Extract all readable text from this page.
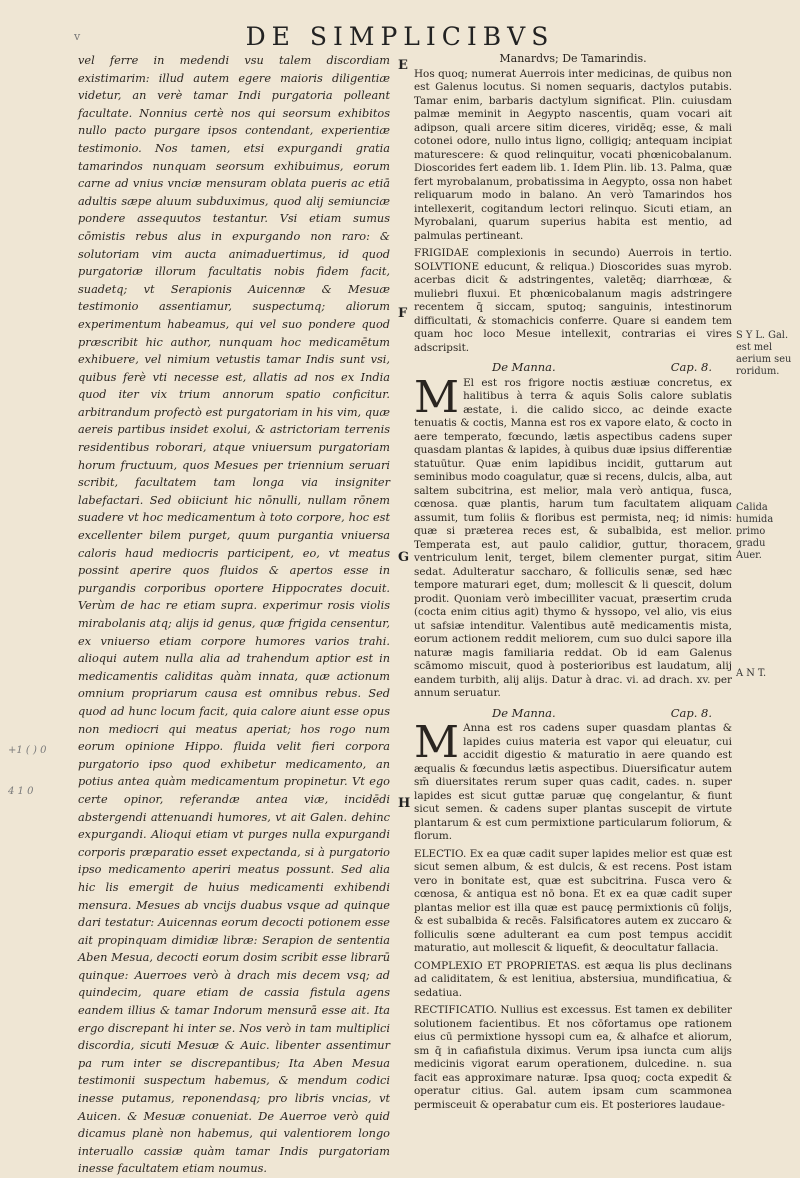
v	DE SIMPLICIBVS
vel ferre in medendi vsu talem discordiam existimarim: illud autem egere maioris diligentiæ videtur, an verè tamar Indi purgatoria polleant facultate. Nonnius certè nos qui seorsum exhibitos nullo pacto purgare ipsos contendant, experientiæ testimonio. Nos tamen, etsi expurgandi gratia tamarindos nunquam seorsum exhibuimus, eorum carne ad vnius vnciæ mensuram oblata pueris ac etiā adultis sæpe aluum subduximus, quod alij semiunciæ pondere assequutos testantur. Vsi etiam sumus cōmistis rebus alus in expurgando non raro: & solutoriam vim aucta animaduertimus, id quod purgatoriæ illorum facultatis nobis fidem facit, suadetq; vt Serapionis Auicennæ & Mesuæ testimonio assentiamur, suspectumq; aliorum experimentum habeamus, qui vel suo pondere quod præscribit hic author, nunquam hoc medicamētum exhibuere, vel nimium vetustis tamar Indis sunt vsi, quibus ferè vti necesse est, allatis ad nos ex India quod iter vix trium annorum spatio conficitur. arbitrandum profectò est purgatoriam in his vim, quæ aereis partibus insidet exolui, & astrictoriam terrenis residentibus roborari, atque vniuersum purgatoriam horum fructuum, quos Mesues per triennium seruari scribit, facultatem tam longa via insigniter labefactari. Sed obiiciunt hic nōnulli, nullam rōnem suadere vt hoc medicamentum à toto corpore, hoc est excellenter bilem purget, quum purgantia vniuersa caloris haud mediocris participent, eo, vt meatus possint aperire quos fluidos & apertos esse in purgandis corporibus oportere Hippocrates docuit. Verùm de hac re etiam supra. experimur rosis violis mirabolanis atq; alijs id genus, quæ frigida censentur, ex vniuerso etiam corpore humores varios trahi. alioqui autem nulla alia ad trahendum aptior est in medicamentis caliditas quàm innata, quæ actionum omnium propriarum causa est omnibus rebus. Sed quod ad hunc locum facit, quia calore aiunt esse opus non mediocri qui meatus aperiat; hos rogo num eorum opinione Hippo. fluida velit fieri corpora purgatorio ipso quod exhibetur medicamento, an potius antea quàm medicamentum propinetur. Vt ego certe opinor, referandæ antea viæ, incidēdi abstergendi attenuandi humores, vt ait Galen. dehinc expurgandi. Alioqui etiam vt purges nulla expurgandi corporis præparatio esset expectanda, si à purgatorio ipso medicamento aperiri meatus possunt. Sed alia hic lis emergit de huius medicamenti exhibendi mensura. Mesues ab vncijs duabus vsque ad quinque dari testatur: Auicennas eorum decocti potionem esse ait propinquam dimidiæ libræ: Serapion de sententia Aben Mesua, decocti eorum dosim scribit esse librarū quinque: Auerroes verò à drach mis decem vsq; ad quindecim, quare etiam de cassia fistula agens eandem illius & tamar Indorum mensurā esse ait. Ita ergo discrepant hi inter se. Nos verò in tam multiplici discordia, sicuti Mesuæ & Auic. libenter assentimur pa rum inter se discrepantibus; Ita Aben Mesua testimonii suspectum habemus, & mendum codici inesse putamus, reponendasq; pro libris vncias, vt Auicen. & Mesuæ conueniat. De Auerroe verò quid dicamus planè non habemus, qui valentiorem longo interuallo cassiæ quàm tamar Indis purgatoriam inesse facultatem etiam noumus.
E
F
G
H
Manardvs; De Tamarindis.

Hos quoq; numerat Auerrois inter medicinas, de quibus non est Galenus locutus. Si nomen sequaris, dactylos putabis. Tamar enim, barbaris dactylum significat. Plin. cuiusdam palmæ meminit in Aegypto nascentis, quam vocari ait adipson, quali arcere sitim diceres, viridēq; esse, & mali cotonei odore, nullo intus ligno, colligiq; antequam incipiat maturescere: & quod relinquitur, vocati phœnicobalanum. Dioscorides fert eadem lib. 1. Idem Plin. lib. 13. Palma, quæ fert myrobalanum, probatissima in Aegypto, ossa non habet reliquarum modo in balano. An verò Tamarindos hos intellexerit, cogitandum lectori relinquo. Sicuti etiam, an Myrobalani, quarum superius habita est mentio, ad palmulas pertineant.

FRIGIDAE complexionis in secundo) Auerrois in tertio. SOLVTIONE educunt, & reliqua.) Dioscorides suas myrob. acerbas dicit & adstringentes, valetēq; diarrhœæ, & muliebri fluxui. Et phœnicobalanum magis adstringere recentem q̄ siccam, sputoq; sanguinis, intestinorum difficultati, & stomachicis conferre. Quare si eandem tem quam hoc loco Mesue intellexit, contrarias ei vires adscripsit.

De Manna.	Cap. 8.

M El est ros frigore noctis æstiuæ concretus, ex halitibus à terra & aquis Solis calore sublatis æstate, i. die calido sicco, ac deinde exacte tenuatis & coctis, Manna est ros ex vapore elato, & cocto in aere temperato, fœcundo, lætis aspectibus cadens super quasdam plantas & lapides, à quibus duæ ipsius differentiæ statuūtur. Quæ enim lapidibus incidit, guttarum aut seminibus modo coagulatur, quæ si recens, dulcis, alba, aut saltem subcitrina, est melior, mala verò antiqua, fusca, cœnosa. quæ plantis, harum tum facultatem aliquam assumit, tum foliis & floribus est permista, neq; id nimis: quæ si præterea reces est, & subalbida, est melior. Temperata est, aut paulo calidior, guttur, thoracem, ventriculum lenit, terget, bilem clementer purgat, sitim sedat. Adulteratur saccharo, & folliculis senæ, sed hæc tempore maturari eget, dum; mollescit & li quescit, dolum prodit. Quoniam verò imbecilliter vacuat, præsertim cruda (cocta enim citius agit) thymo & hyssopo, vel alio, vis eius ut safsiæ intenditur. Valentibus autē medicamentis mista, eorum actionem reddit meliorem, cum suo dulci sapore illa naturæ magis familiaria reddat. Ob id eam Galenus scāmomo miscuit, quod à posterioribus est laudatum, alij eandem turbith, alij alijs. Datur à drac. vi. ad drach. xv. per annum seruatur.

De Manna.	Cap. 8.

M Anna est ros cadens super quasdam plantas & lapides cuius materia est vapor qui eleuatur, cui accidit digestio & maturatio in aere quando est æqualis & fœcundus lætis aspectibus. Diuersificatur autem sm̄ diuersitates rerum super quas cadit, cades. n. super lapides est sicut guttæ paruæ quę congelantur, & fiunt sicut semen. & cadens super plantas suscepit de virtute plantarum & est cum permixtione particularum foliorum, & florum.

ELECTIO. Ex ea quæ cadit super lapides melior est quæ est sicut semen album, & est dulcis, & est recens. Post istam vero in bonitate est, quæ est subcitrina. Fusca vero & cœnosa, & antiqua est nō bona. Et ex ea quæ cadit super plantas melior est illa quæ est paucę permixtionis cū folijs, & est subalbida & recēs. Falsificatores autem ex zuccaro & folliculis sœne adulterant ea cum post tempus accidit maturatio, aut mollescit & liquefit, & deocultatur fallacia.

COMPLEXIO ET PROPRIETAS. est æqua lis plus declinans ad caliditatem, & est lenitiua, abstersiua, mundificatiua, & sedatiua.

RECTIFICATIO. Nullius est excessus. Est tamen ex debiliter solutionem facientibus. Et nos cōfortamus ope rationem eius cū permixtione hyssopi cum ea, & alhafce et aliorum, sm q̄ in cafiafistula diximus. Verum ipsa iuncta cum alijs medicinis vigorat earum operationem, dulcedine. n. sua facit eas approximare naturæ. Ipsa quoq; cocta expedit & operatur citius. Gal. autem ipsam cum scammonea permisceuit & operabatur cum eis. Et posteriores laudaue-

S Y L. Gal. est mel aerium seu roridum.
Calida humida primo gradu Auer.
A N T.
+1 ( ) 0
4 1 0
